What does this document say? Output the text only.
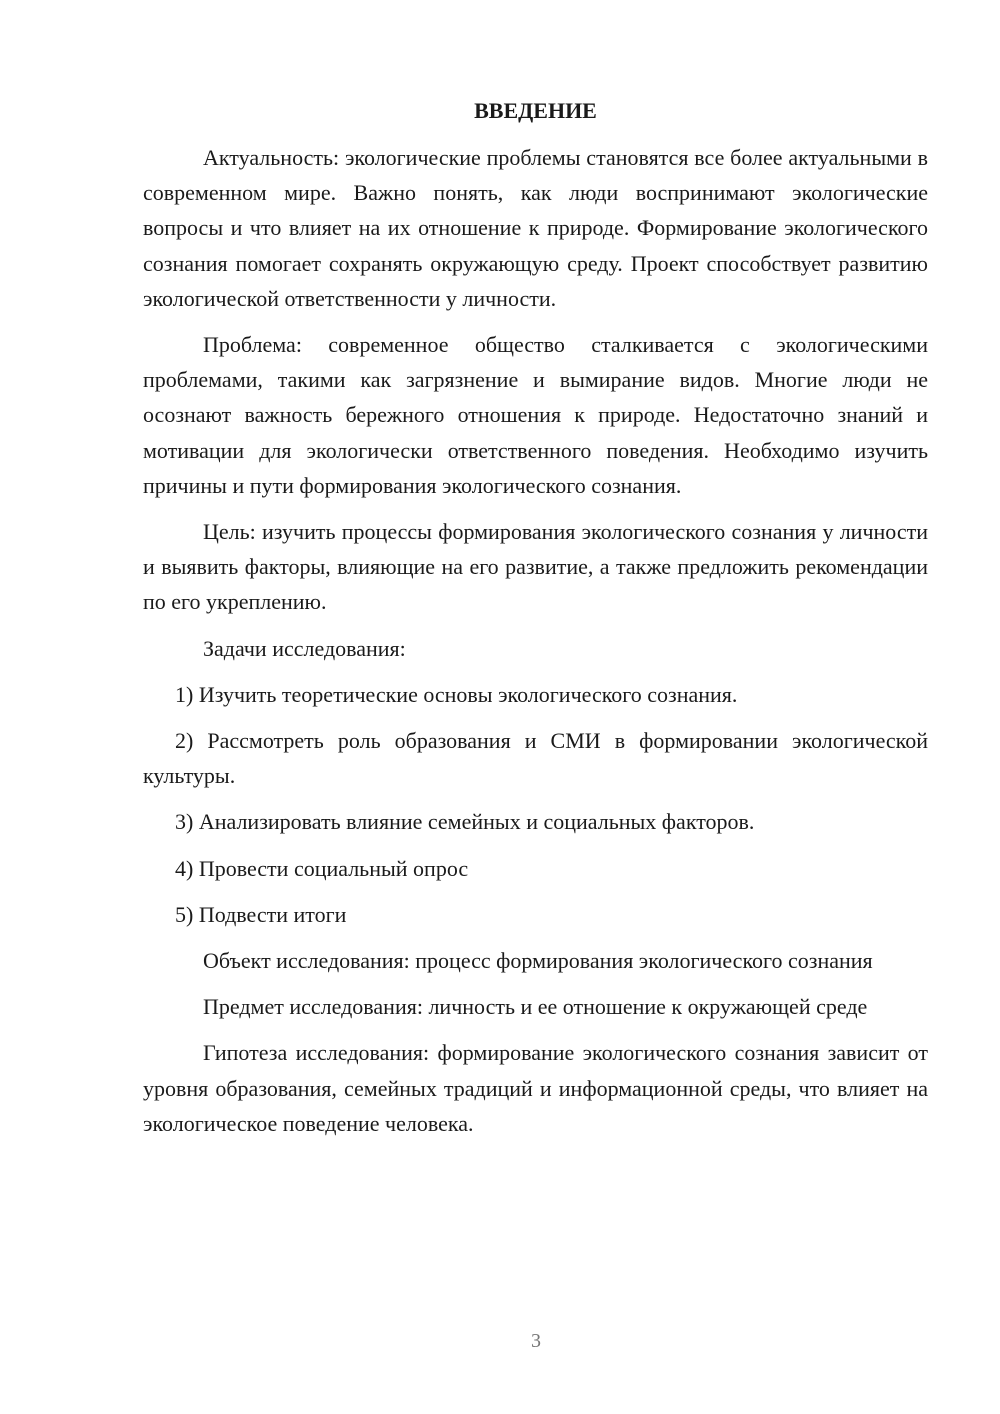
ВВЕДЕНИЕ

Актуальность: экологические проблемы становятся все более актуальными в современном мире. Важно понять, как люди воспринимают экологические вопросы и что влияет на их отношение к природе. Формирование экологического сознания помогает сохранять окружающую среду. Проект способствует развитию экологической ответственности у личности.

Проблема: современное общество сталкивается с экологическими проблемами, такими как загрязнение и вымирание видов. Многие люди не осознают важность бережного отношения к природе. Недостаточно знаний и мотивации для экологически ответственного поведения. Необходимо изучить причины и пути формирования экологического сознания.

Цель: изучить процессы формирования экологического сознания у личности и выявить факторы, влияющие на его развитие, а также предложить рекомендации по его укреплению.

Задачи исследования:

1) Изучить теоретические основы экологического сознания.

2) Рассмотреть роль образования и СМИ в формировании экологической культуры.

3) Анализировать влияние семейных и социальных факторов.

4) Провести социальный опрос

5) Подвести итоги

Объект исследования: процесс формирования экологического сознания

Предмет исследования: личность и ее отношение к окружающей среде

Гипотеза исследования: формирование экологического сознания зависит от уровня образования, семейных традиций и информационной среды, что влияет на экологическое поведение человека.

3
